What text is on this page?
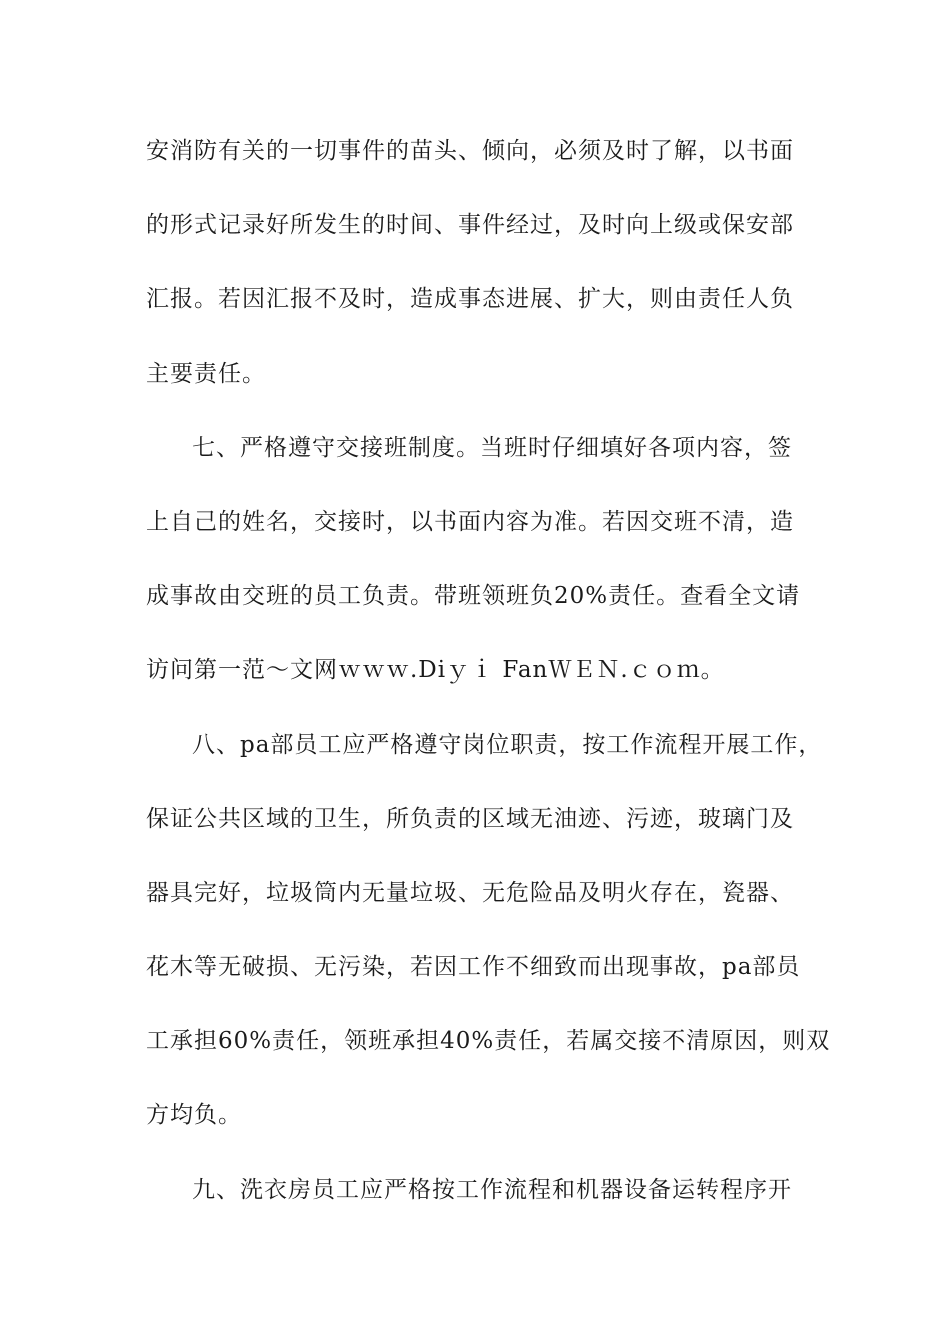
安消防有关的一切事件的苗头、倾向，必须及时了解，以书面
的形式记录好所发生的时间、事件经过，及时向上级或保安部
汇报。若因汇报不及时，造成事态进展、扩大，则由责任人负
主要责任。
七、严格遵守交接班制度。当班时仔细填好各项内容，签
上自己的姓名，交接时，以书面内容为准。若因交班不清，造
成事故由交班的员工负责。带班领班负20%责任。查看全文请
访问第一范～文网ｗｗｗ.Diｙｉ FanＷＥＮ.ｃｏｍ。
八、pa部员工应严格遵守岗位职责，按工作流程开展工作，
保证公共区域的卫生，所负责的区域无油迹、污迹，玻璃门及
器具完好，垃圾筒内无量垃圾、无危险品及明火存在，瓷器、
花木等无破损、无污染，若因工作不细致而出现事故，pa部员
工承担60%责任，领班承担40%责任，若属交接不清原因，则双
方均负。
九、洗衣房员工应严格按工作流程和机器设备运转程序开
